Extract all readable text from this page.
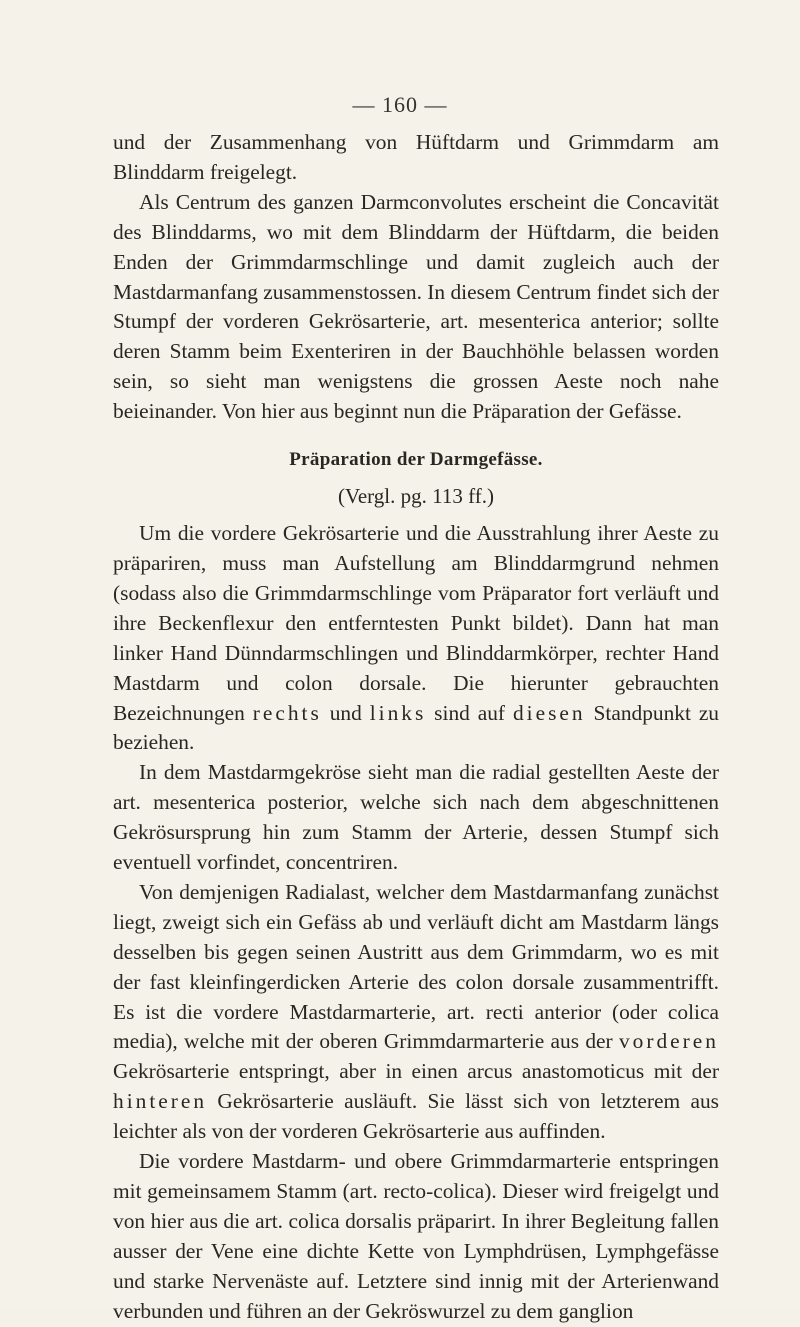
— 160 —

und der Zusammenhang von Hüftdarm und Grimmdarm am Blinddarm freigelegt.

Als Centrum des ganzen Darmconvolutes erscheint die Concavität des Blinddarms, wo mit dem Blinddarm der Hüftdarm, die beiden Enden der Grimmdarmschlinge und damit zugleich auch der Mastdarmanfang zusammenstossen. In diesem Centrum findet sich der Stumpf der vorderen Gekrösarterie, art. mesenterica anterior; sollte deren Stamm beim Exenteriren in der Bauchhöhle belassen worden sein, so sieht man wenigstens die grossen Aeste noch nahe beieinander. Von hier aus beginnt nun die Präparation der Gefässe.

Präparation der Darmgefässe.
(Vergl. pg. 113 ff.)

Um die vordere Gekrösarterie und die Ausstrahlung ihrer Aeste zu präpariren, muss man Aufstellung am Blinddarmgrund nehmen (sodass also die Grimmdarmschlinge vom Präparator fort verläuft und ihre Beckenflexur den entferntesten Punkt bildet). Dann hat man linker Hand Dünndarmschlingen und Blinddarmkörper, rechter Hand Mastdarm und colon dorsale. Die hierunter gebrauchten Bezeichnungen rechts und links sind auf diesen Standpunkt zu beziehen.

In dem Mastdarmgekröse sieht man die radial gestellten Aeste der art. mesenterica posterior, welche sich nach dem abgeschnittenen Gekrösursprung hin zum Stamm der Arterie, dessen Stumpf sich eventuell vorfindet, concentriren.

Von demjenigen Radialast, welcher dem Mastdarmanfang zunächst liegt, zweigt sich ein Gefäss ab und verläuft dicht am Mastdarm längs desselben bis gegen seinen Austritt aus dem Grimmdarm, wo es mit der fast kleinfingerdicken Arterie des colon dorsale zusammentrifft. Es ist die vordere Mastdarmarterie, art. recti anterior (oder colica media), welche mit der oberen Grimmdarmarterie aus der vorderen Gekrösarterie entspringt, aber in einen arcus anastomoticus mit der hinteren Gekrösarterie ausläuft. Sie lässt sich von letzterem aus leichter als von der vorderen Gekrösarterie aus auffinden.

Die vordere Mastdarm- und obere Grimmdarmarterie entspringen mit gemeinsamem Stamm (art. recto-colica). Dieser wird freigelgt und von hier aus die art. colica dorsalis präparirt. In ihrer Begleitung fallen ausser der Vene eine dichte Kette von Lymphdrüsen, Lymphgefässe und starke Nervenäste auf. Letztere sind innig mit der Arterienwand verbunden und führen an der Gekröswurzel zu dem ganglion
